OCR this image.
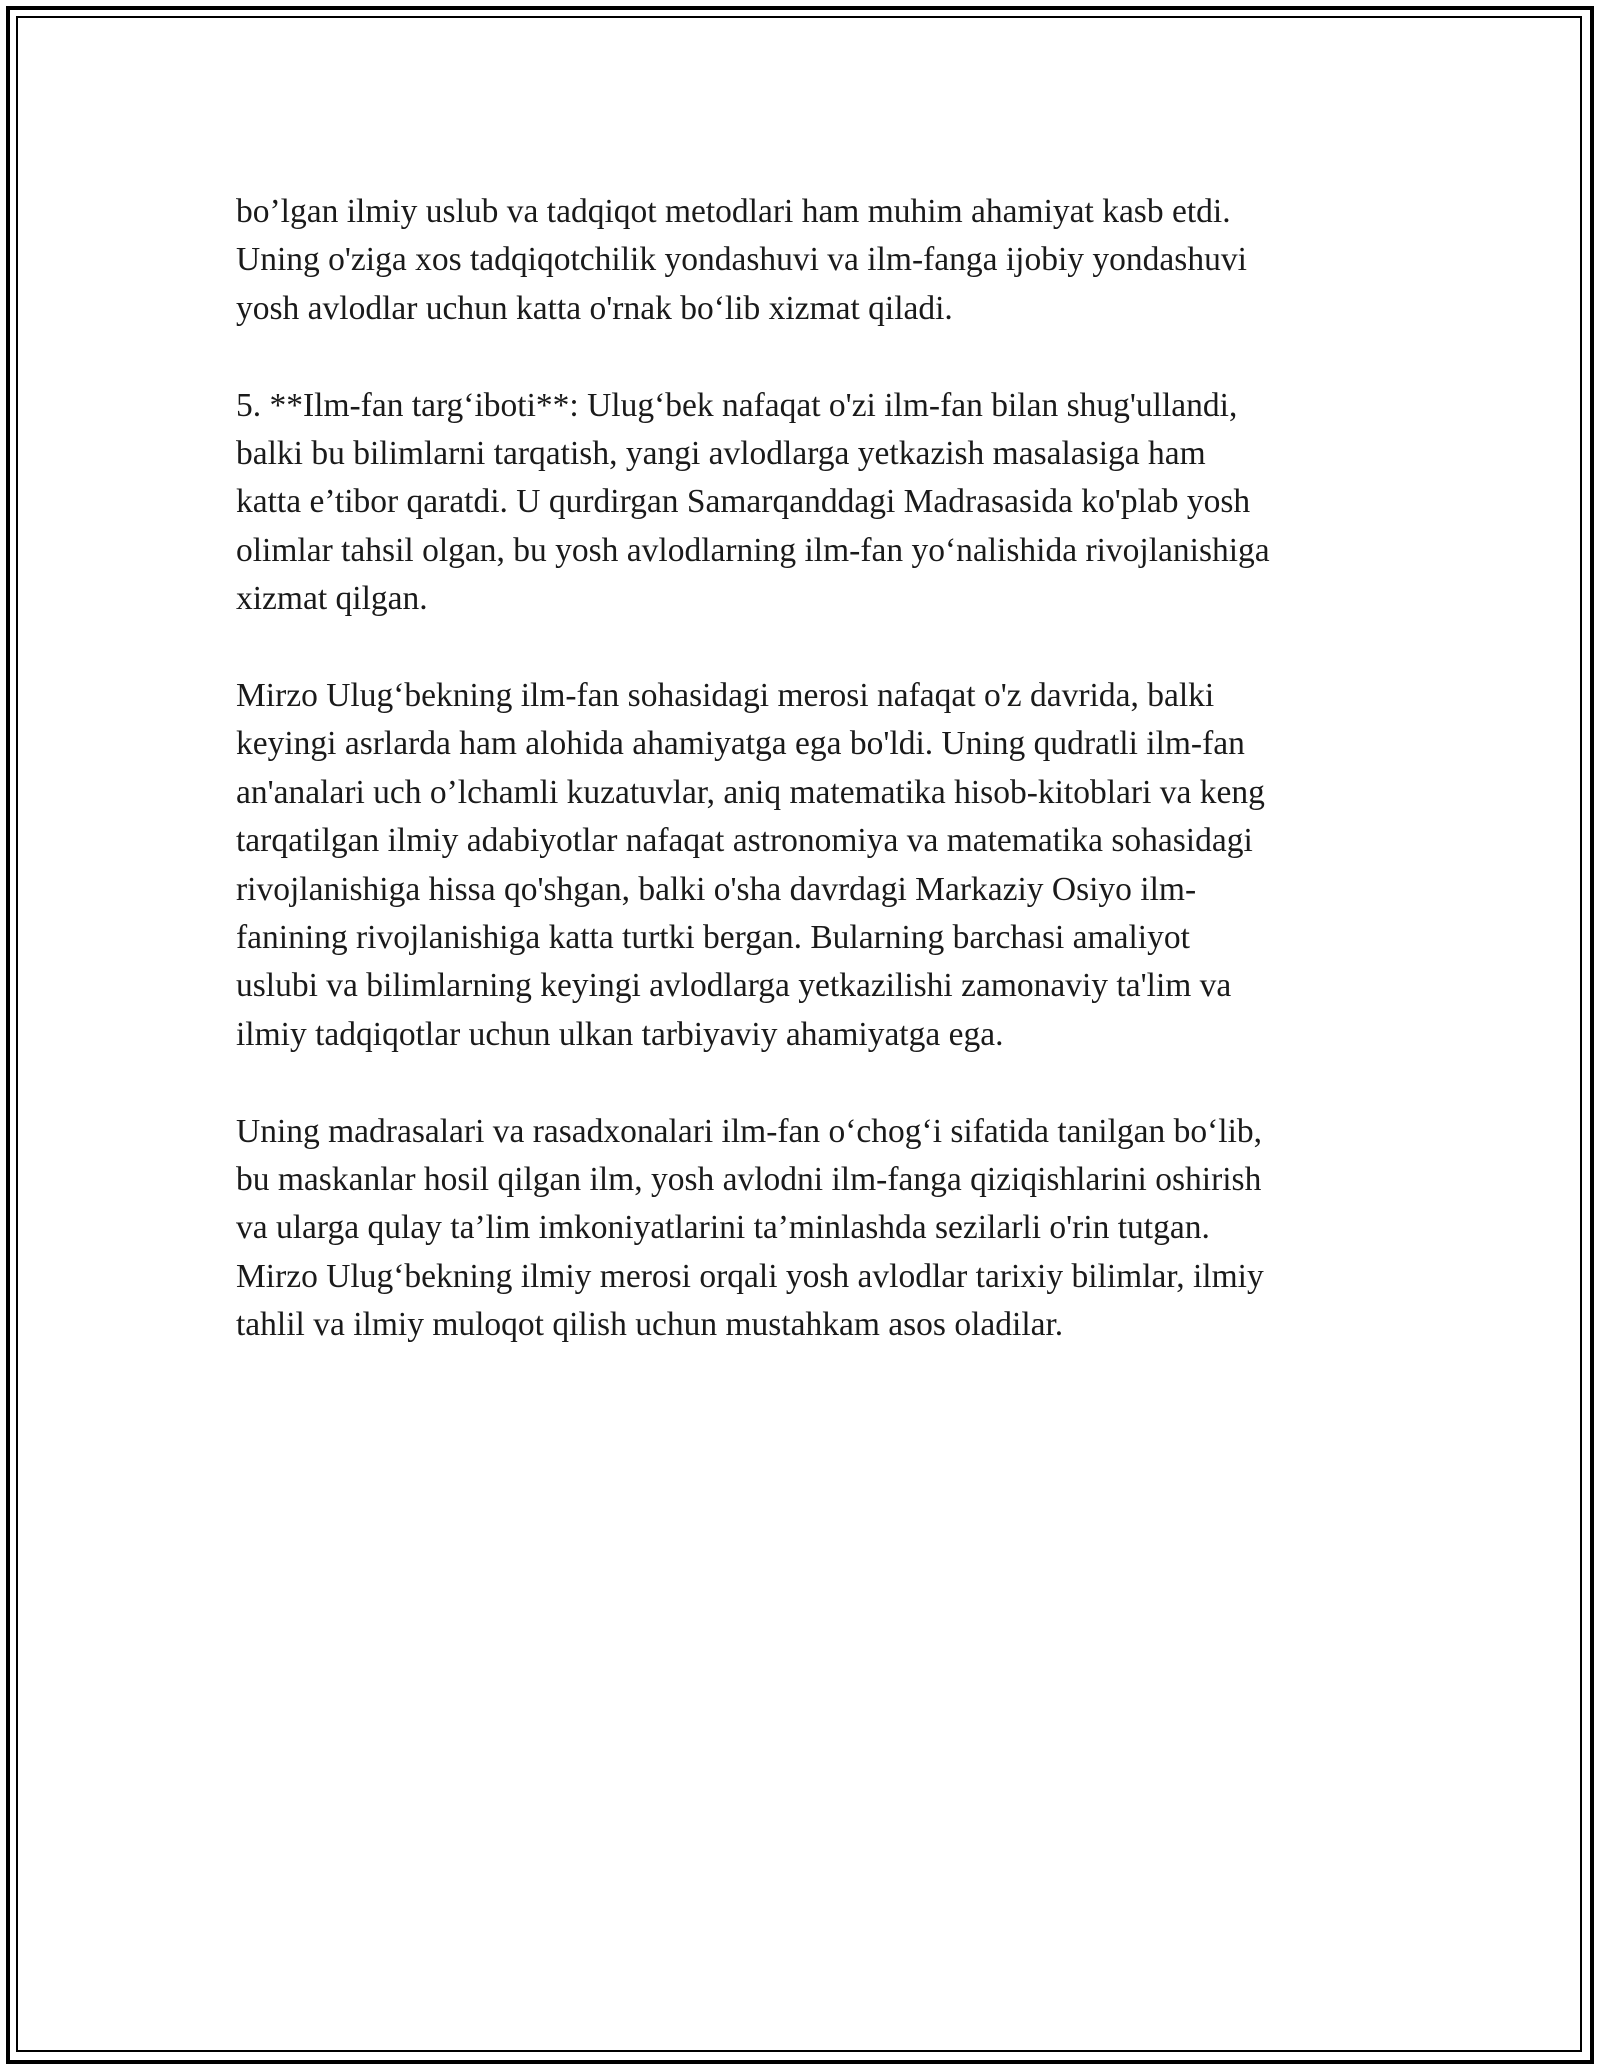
bo’lgan ilmiy uslub va tadqiqot metodlari ham muhim ahamiyat kasb etdi.
Uning o'ziga xos tadqiqotchilik yondashuvi va ilm-fanga ijobiy yondashuvi
yosh avlodlar uchun katta o'rnak bo‘lib xizmat qiladi.

5. **Ilm-fan targ‘iboti**: Ulug‘bek nafaqat o'zi ilm-fan bilan shug'ullandi,
balki bu bilimlarni tarqatish, yangi avlodlarga yetkazish masalasiga ham
katta e’tibor qaratdi. U qurdirgan Samarqanddagi Madrasasida ko'plab yosh
olimlar tahsil olgan, bu yosh avlodlarning ilm-fan yo‘nalishida rivojlanishiga
xizmat qilgan.

Mirzo Ulug‘bekning ilm-fan sohasidagi merosi nafaqat o'z davrida, balki
keyingi asrlarda ham alohida ahamiyatga ega bo'ldi. Uning qudratli ilm-fan
an'analari uch o’lchamli kuzatuvlar, aniq matematika hisob-kitoblari va keng
tarqatilgan ilmiy adabiyotlar nafaqat astronomiya va matematika sohasidagi
rivojlanishiga hissa qo'shgan, balki o'sha davrdagi Markaziy Osiyo ilm-
fanining rivojlanishiga katta turtki bergan. Bularning barchasi amaliyot
uslubi va bilimlarning keyingi avlodlarga yetkazilishi zamonaviy ta'lim va
ilmiy tadqiqotlar uchun ulkan tarbiyaviy ahamiyatga ega.

Uning madrasalari va rasadxonalari ilm-fan o‘chog‘i sifatida tanilgan bo‘lib,
bu maskanlar hosil qilgan ilm, yosh avlodni ilm-fanga qiziqishlarini oshirish
va ularga qulay ta’lim imkoniyatlarini ta’minlashda sezilarli o'rin tutgan.
Mirzo Ulug‘bekning ilmiy merosi orqali yosh avlodlar tarixiy bilimlar, ilmiy
tahlil va ilmiy muloqot qilish uchun mustahkam asos oladilar.
